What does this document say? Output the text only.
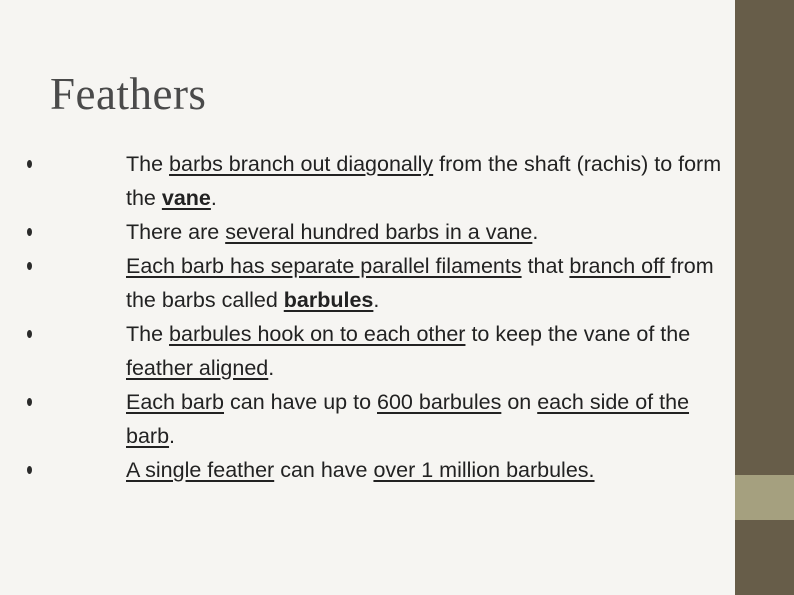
Feathers
The barbs branch out diagonally from the shaft (rachis) to form the vane.
There are several hundred barbs in a vane.
Each barb has separate parallel filaments that branch off from the barbs called barbules.
The barbules hook on to each other to keep the vane of the feather aligned.
Each barb can have up to 600 barbules on each side of the barb.
A single feather can have over 1 million barbules.
